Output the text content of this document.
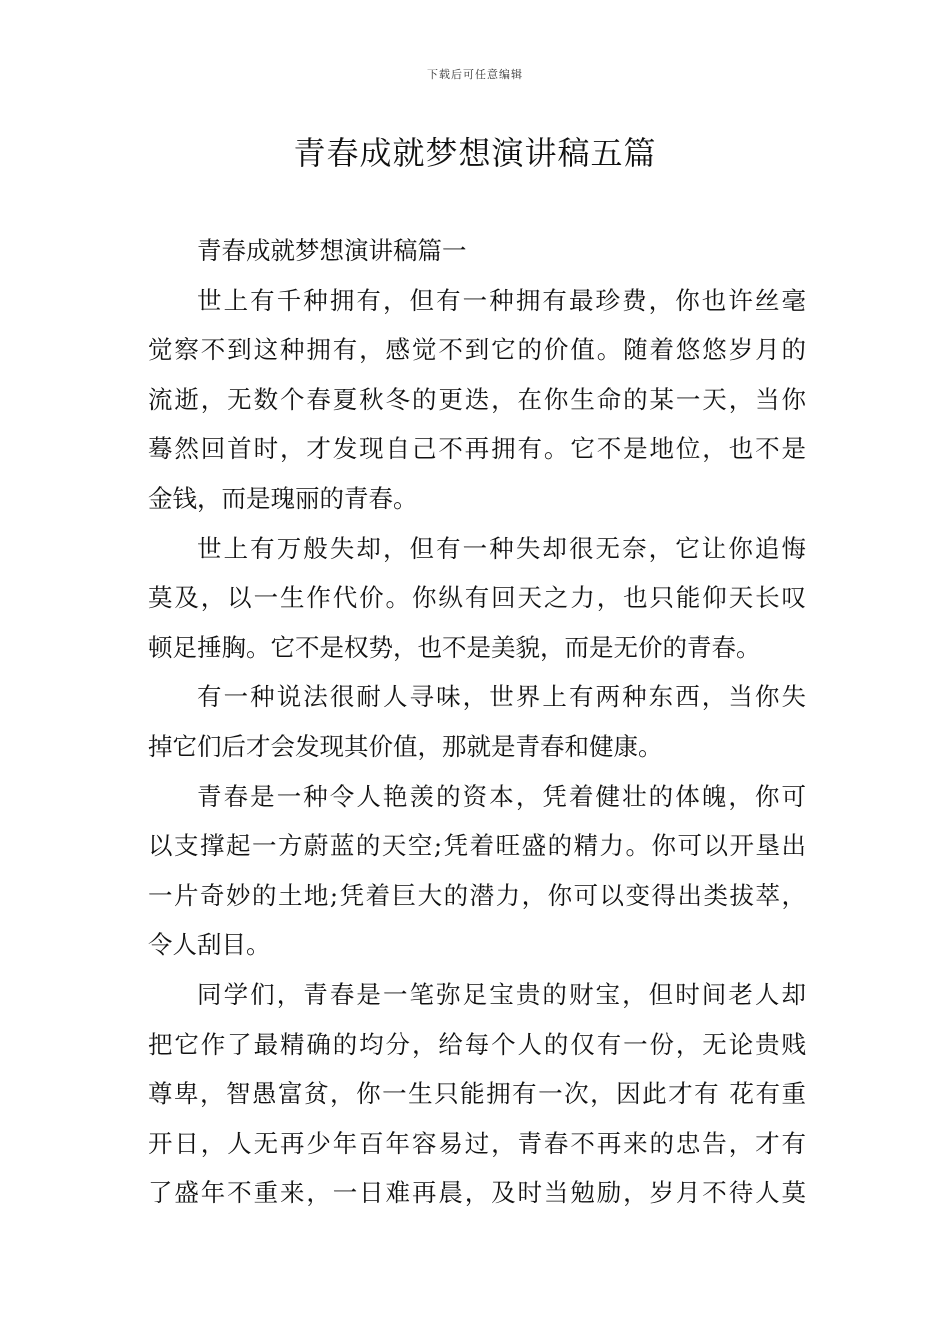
下载后可任意编辑
青春成就梦想演讲稿五篇
青春成就梦想演讲稿篇一
世上有千种拥有，但有一种拥有最珍费，你也许丝毫
觉察不到这种拥有，感觉不到它的价值。随着悠悠岁月的
流逝，无数个春夏秋冬的更迭，在你生命的某一天，当你
蓦然回首时，才发现自己不再拥有。它不是地位，也不是
金钱，而是瑰丽的青春。
世上有万般失却，但有一种失却很无奈，它让你追悔
莫及，以一生作代价。你纵有回天之力，也只能仰天长叹
顿足捶胸。它不是权势，也不是美貌，而是无价的青春。
有一种说法很耐人寻味，世界上有两种东西，当你失
掉它们后才会发现其价值，那就是青春和健康。
青春是一种令人艳羡的资本，凭着健壮的体魄，你可
以支撑起一方蔚蓝的天空;凭着旺盛的精力。你可以开垦出
一片奇妙的土地;凭着巨大的潜力，你可以变得出类拔萃，
令人刮目。
同学们，青春是一笔弥足宝贵的财宝，但时间老人却
把它作了最精确的均分，给每个人的仅有一份，无论贵贱
尊卑，智愚富贫，你一生只能拥有一次，因此才有 花有重
开日，人无再少年百年容易过，青春不再来的忠告，才有
了盛年不重来，一日难再晨，及时当勉励，岁月不待人莫
